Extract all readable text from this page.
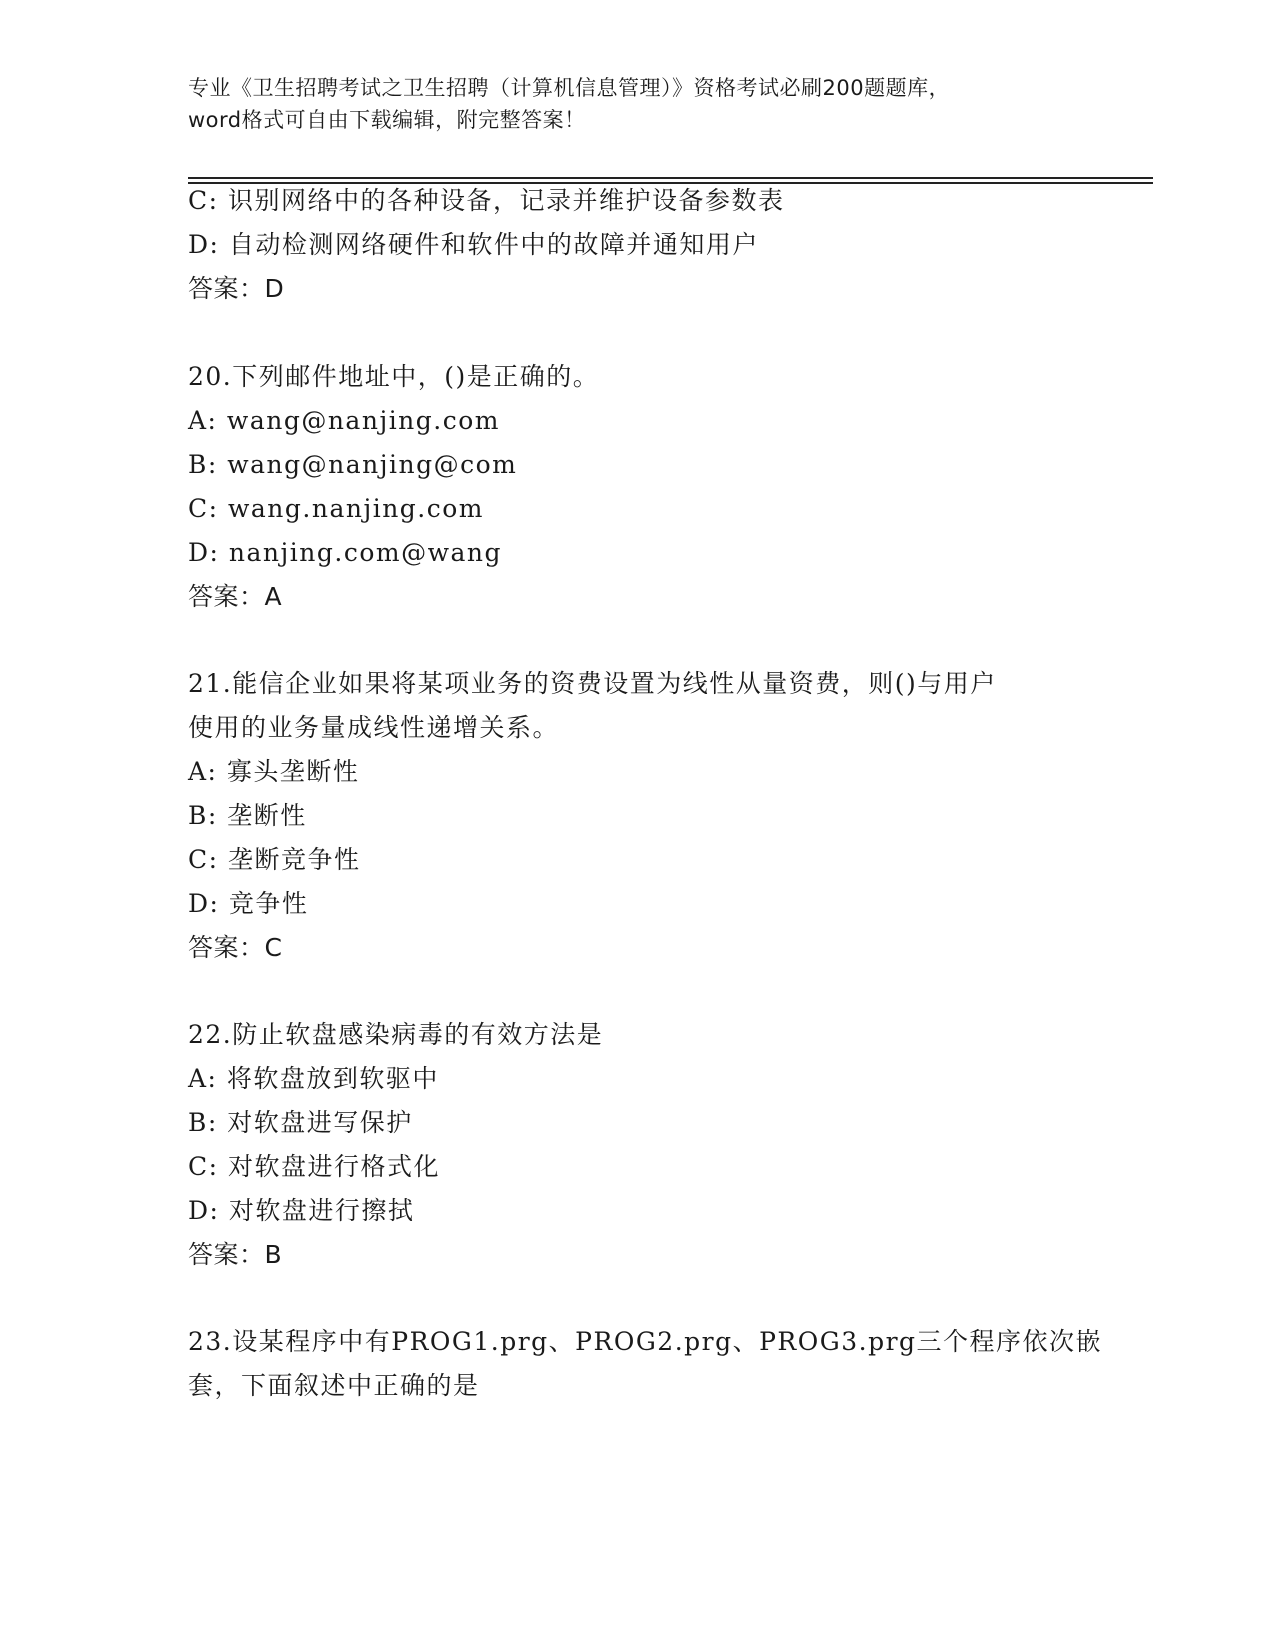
专业《卫生招聘考试之卫生招聘（计算机信息管理）》资格考试必刷200题题库，
word格式可自由下载编辑，附完整答案！
C: 识别网络中的各种设备，记录并维护设备参数表
D: 自动检测网络硬件和软件中的故障并通知用户
答案：D
20.下列邮件地址中，()是正确的。
A: wang@nanjing.com
B: wang@nanjing@com
C: wang.nanjing.com
D: nanjing.com@wang
答案：A
21.能信企业如果将某项业务的资费设置为线性从量资费，则()与用户
使用的业务量成线性递增关系。
A: 寡头垄断性
B: 垄断性
C: 垄断竞争性
D: 竞争性
答案：C
22.防止软盘感染病毒的有效方法是
A: 将软盘放到软驱中
B: 对软盘进写保护
C: 对软盘进行格式化
D: 对软盘进行擦拭
答案：B
23.设某程序中有PROG1.prg、PROG2.prg、PROG3.prg三个程序依次嵌
套，下面叙述中正确的是
